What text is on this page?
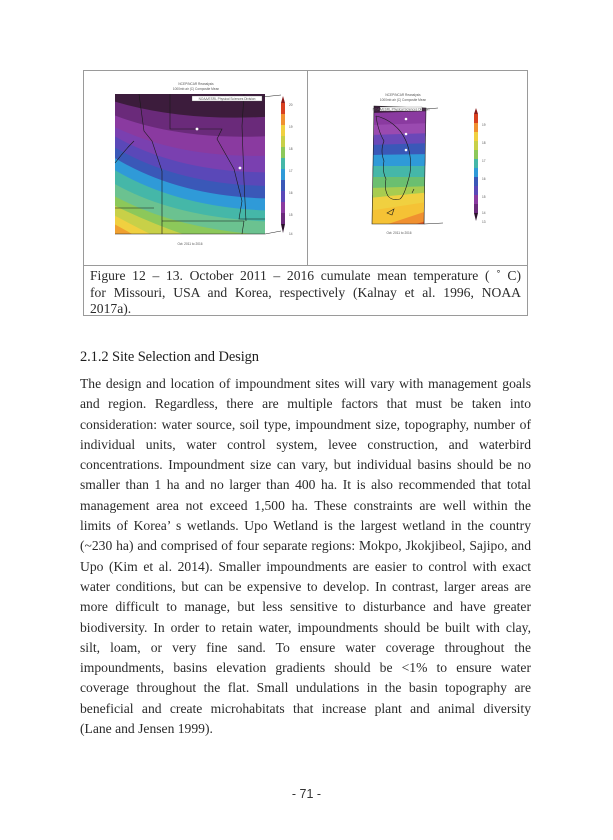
NCEP/NCAR Reanalysis
1000mb air (C) Composite Mean
NOAA/ESRL Physical Sciences Division
20
19
18
17
16
15
14
Oct: 2011 to 2016
NCEP/NCAR Reanalysis
1000mb air (C) Composite Mean
NOAA/ESRL Physical Sciences Division
19
18
17
16
15
14
13
Oct: 2011 to 2016
Figure 12 – 13. October 2011 – 2016 cumulate mean temperature ( ˚ C)
for Missouri, USA and Korea, respectively (Kalnay et al. 1996, NOAA
2017a).
2.1.2 Site Selection and Design
The design and location of impoundment sites will vary with management goals
and region. Regardless, there are multiple factors that must be taken into
consideration: water source, soil type, impoundment size, topography, number of
individual units, water control system, levee construction, and waterbird
concentrations. Impoundment size can vary, but individual basins should be no
smaller than 1 ha and no larger than 400 ha. It is also recommended that total
management area not exceed 1,500 ha. These constraints are well within the
limits of Korea’ s wetlands. Upo Wetland is the largest wetland in the country
(~230 ha) and comprised of four separate regions: Mokpo, Jkokjibeol, Sajipo, and
Upo (Kim et al. 2014). Smaller impoundments are easier to control with exact
water conditions, but can be expensive to develop. In contrast, larger areas are
more difficult to manage, but less sensitive to disturbance and have greater
biodiversity. In order to retain water, impoundments should be built with clay,
silt, loam, or very fine sand. To ensure water coverage throughout the
impoundments, basins elevation gradients should be <1% to ensure water
coverage throughout the flat. Small undulations in the basin topography are
beneficial and create microhabitats that increase plant and animal diversity
(Lane and Jensen 1999).
- 71 -
